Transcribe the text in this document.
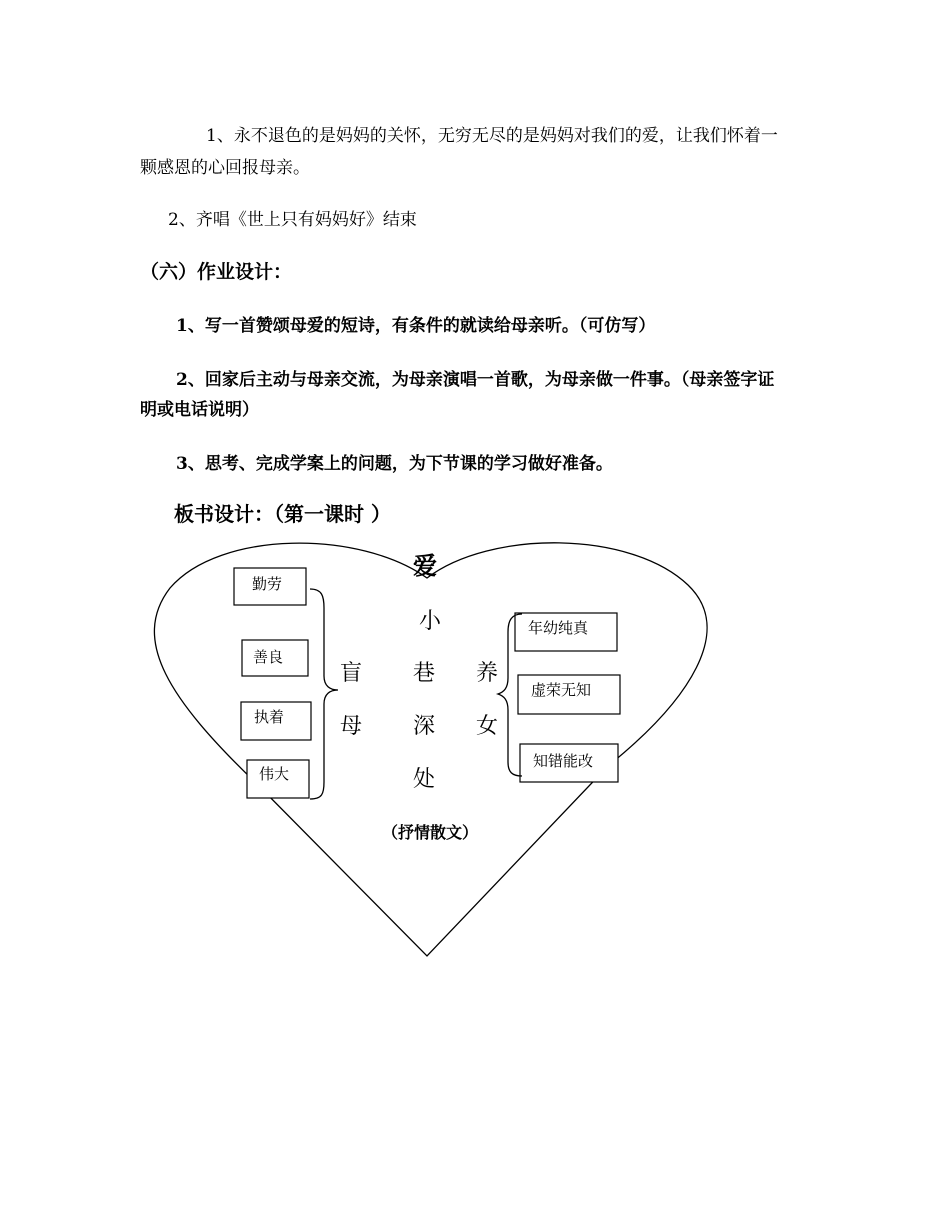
1、永不退色的是妈妈的关怀，无穷无尽的是妈妈对我们的爱，让我们怀着一
颗感恩的心回报母亲。
2、齐唱《世上只有妈妈好》结束
（六）作业设计：
1、写一首赞颂母爱的短诗，有条件的就读给母亲听。（可仿写）
2、回家后主动与母亲交流，为母亲演唱一首歌，为母亲做一件事。（母亲签字证
明或电话说明）
3、思考、完成学案上的问题，为下节课的学习做好准备。
板书设计：（第一课时 ）
勤劳
善良
执着
伟大
年幼纯真
虚荣无知
知错能改
爱
盲
母
小
巷
深
处
养
女
（抒情散文）
